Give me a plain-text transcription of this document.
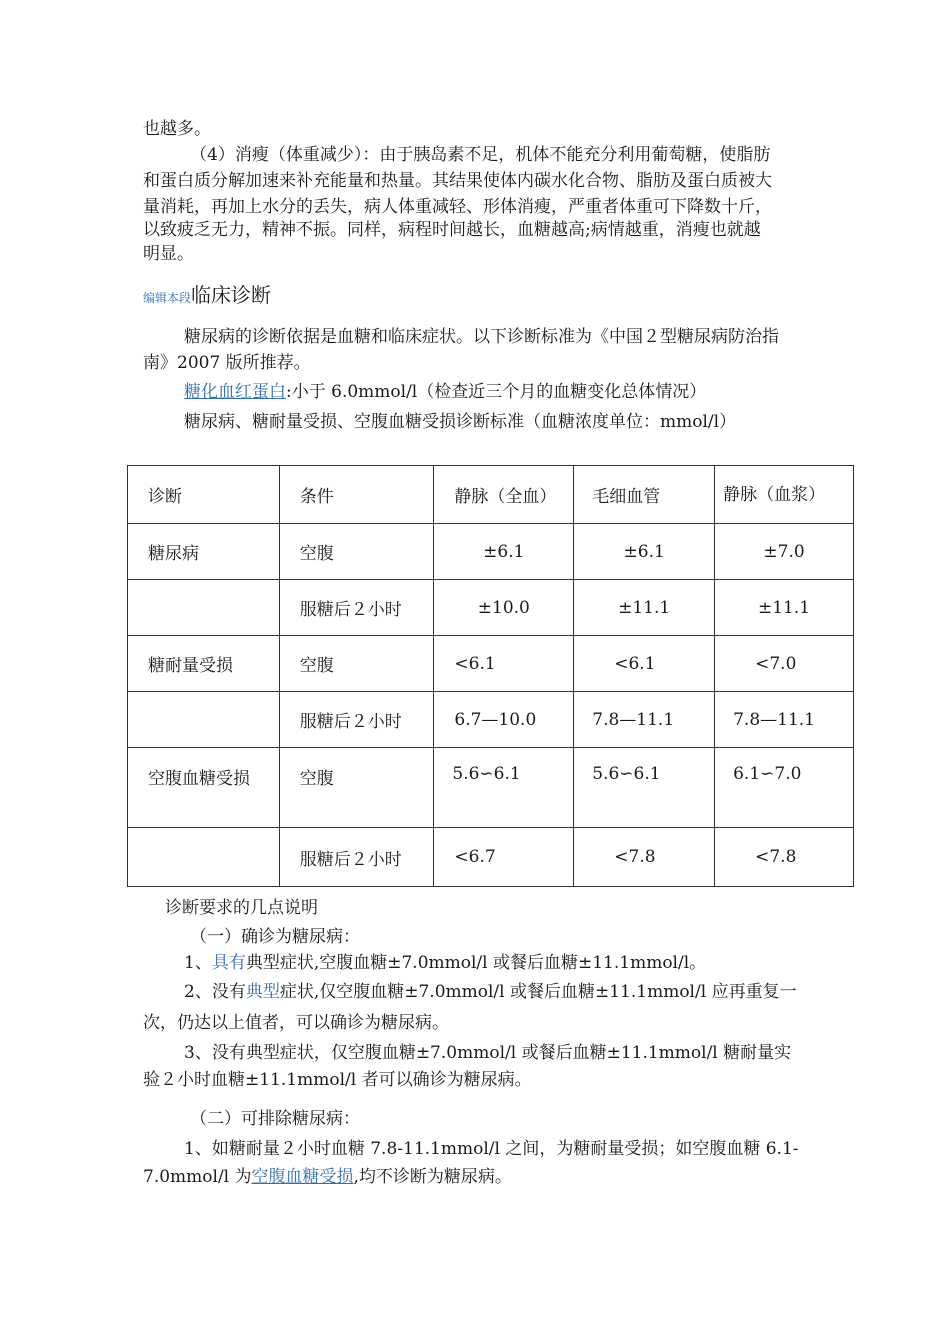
也越多。
（4）消瘦（体重减少）：由于胰岛素不足，机体不能充分利用葡萄糖，使脂肪
和蛋白质分解加速来补充能量和热量。其结果使体内碳水化合物、脂肪及蛋白质被大
量消耗，再加上水分的丢失，病人体重减轻、形体消瘦，严重者体重可下降数十斤，
以致疲乏无力，精神不振。同样，病程时间越长，血糖越高;病情越重，消瘦也就越
明显。
编辑本段临床诊断
糖尿病的诊断依据是血糖和临床症状。以下诊断标准为《中国２型糖尿病防治指
南》2007 版所推荐。
糖化血红蛋白:小于 6.0mmol/l（检查近三个月的血糖变化总体情况）
糖尿病、糖耐量受损、空腹血糖受损诊断标准（血糖浓度单位：mmol/l）
诊断	条件	静脉（全血）	毛细血管	静脉（血浆）
糖尿病	空腹	±6.1	±6.1	±7.0
	服糖后２小时	±10.0	±11.1	±11.1
糖耐量受损	空腹	<6.1	<6.1	<7.0
	服糖后２小时	6.7—10.0	7.8—11.1	7.8—11.1
空腹血糖受损	空腹	5.6∽6.1	5.6∽6.1	6.1∽7.0
	服糖后２小时	<6.7	<7.8	<7.8
诊断要求的几点说明
（一）确诊为糖尿病：
1、具有典型症状,空腹血糖±7.0mmol/l 或餐后血糖±11.1mmol/l。
2、没有典型症状,仅空腹血糖±7.0mmol/l 或餐后血糖±11.1mmol/l 应再重复一
次，仍达以上值者，可以确诊为糖尿病。
3、没有典型症状，仅空腹血糖±7.0mmol/l 或餐后血糖±11.1mmol/l 糖耐量实
验２小时血糖±11.1mmol/l 者可以确诊为糖尿病。
（二）可排除糖尿病：
1、如糖耐量２小时血糖 7.8-11.1mmol/l 之间，为糖耐量受损；如空腹血糖 6.1-
7.0mmol/l 为空腹血糖受损,均不诊断为糖尿病。
